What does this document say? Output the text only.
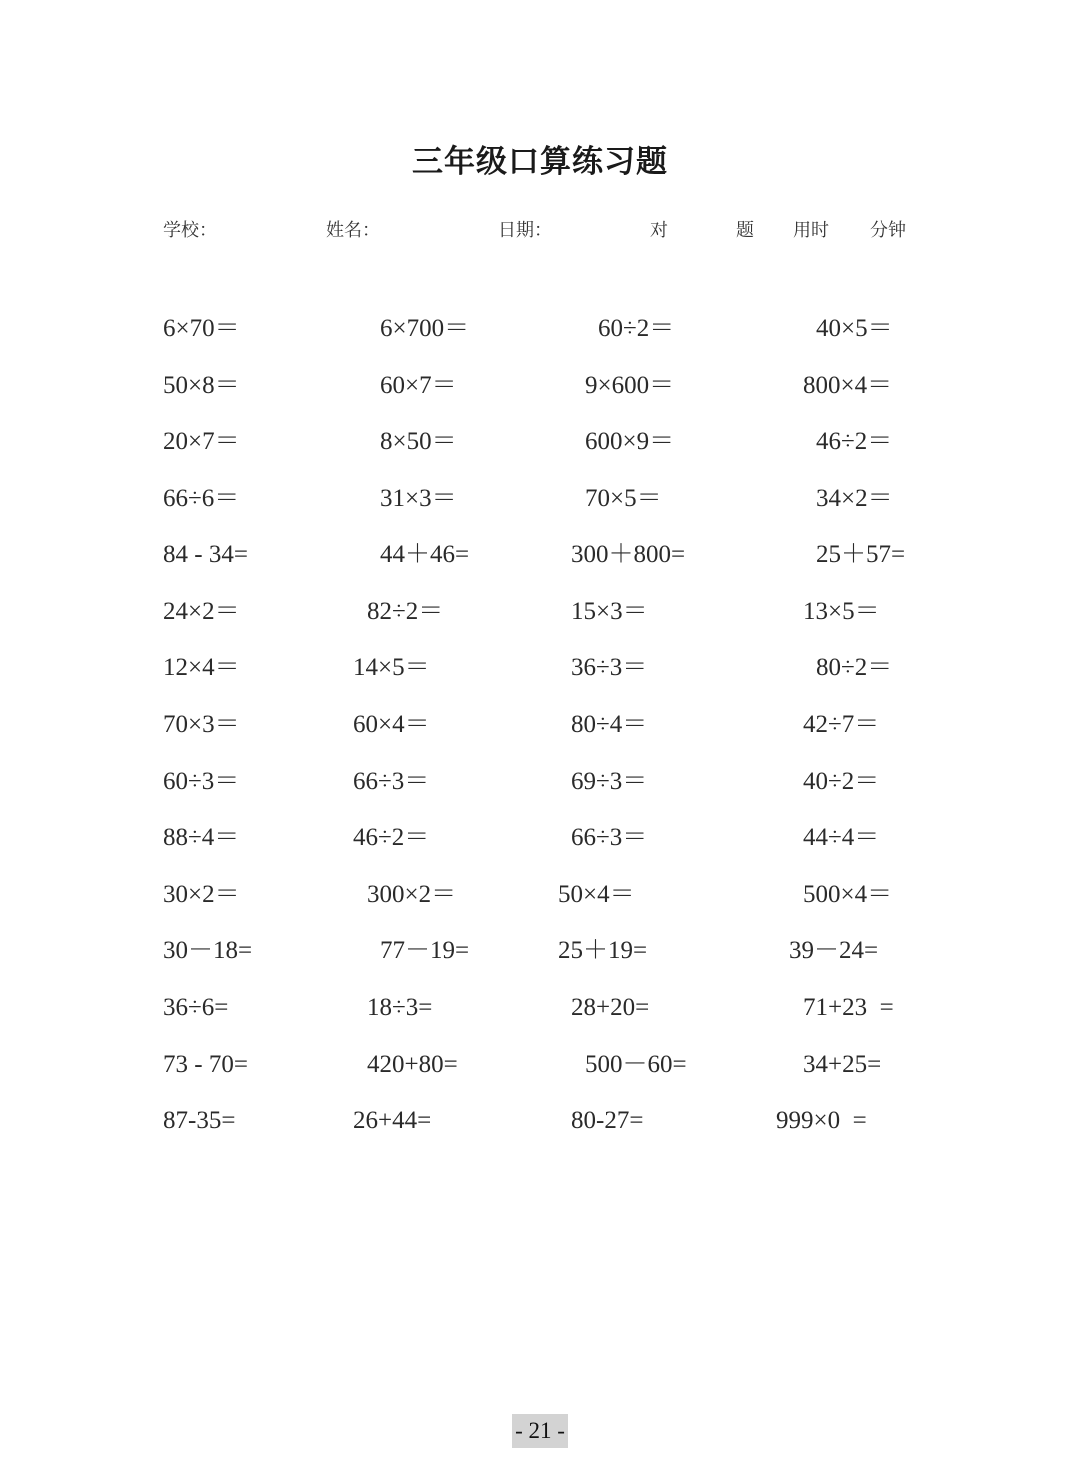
三年级口算练习题
学校：	姓名：	日期：	对	题 用时 分钟
6×70＝	6×700＝	60÷2＝	40×5＝
50×8＝	60×7＝	9×600＝	800×4＝
20×7＝	8×50＝	600×9＝	46÷2＝
66÷6＝	31×3＝	70×5＝	34×2＝
84 - 34=	44＋46=	300＋800=	25＋57=
24×2＝	82÷2＝	15×3＝	13×5＝
12×4＝	14×5＝	36÷3＝	80÷2＝
70×3＝	60×4＝	80÷4＝	42÷7＝
60÷3＝	66÷3＝	69÷3＝	40÷2＝
88÷4＝	46÷2＝	66÷3＝	44÷4＝
30×2＝	300×2＝	50×4＝	500×4＝
30－18=	77－19=	25＋19=	39－24=
36÷6=	18÷3=	28+20=	71+23  =
73 - 70=	420+80=	500－60=	34+25=
87-35=	26+44=	80-27=	999×0  =
- 21 -
